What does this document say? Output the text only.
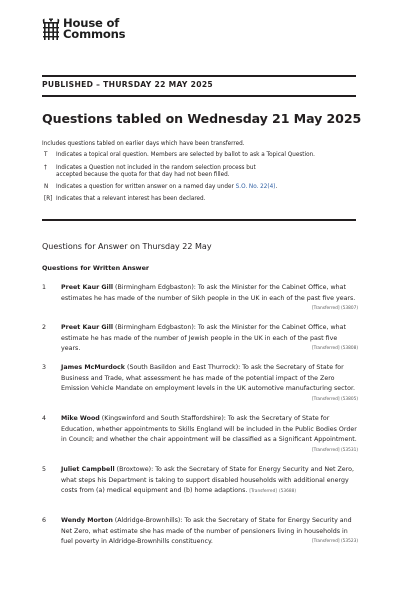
House of
Commons
PUBLISHED – THURSDAY 22 MAY 2025
Questions tabled on Wednesday 21 May 2025
Includes questions tabled on earlier days which have been transferred.
T	Indicates a topical oral question. Members are selected by ballot to ask a Topical Question.
†	Indicates a Question not included in the random selection process but accepted because the quota for that day had not been filled.
N	Indicates a question for written answer on a named day under S.O. No. 22(4).
[R] Indicates that a relevant interest has been declared.
Questions for Answer on Thursday 22 May
Questions for Written Answer
1	Preet Kaur Gill (Birmingham Edgbaston): To ask the Minister for the Cabinet Office, what estimates he has made of the number of Sikh people in the UK in each of the past five years.
[Transferred] (53807)
2	Preet Kaur Gill (Birmingham Edgbaston): To ask the Minister for the Cabinet Office, what estimate he has made of the number of Jewish people in the UK in each of the past five years.	[Transferred] (53808)
3	James McMurdock (South Basildon and East Thurrock): To ask the Secretary of State for Business and Trade, what assessment he has made of the potential impact of the Zero Emission Vehicle Mandate on employment levels in the UK automotive manufacturing sector.
[Transferred] (53805)
4	Mike Wood (Kingswinford and South Staffordshire): To ask the Secretary of State for Education, whether appointments to Skills England will be included in the Public Bodies Order in Council; and whether the chair appointment will be classified as a Significant Appointment.
[Transferred] (53531)
5	Juliet Campbell (Broxtowe): To ask the Secretary of State for Energy Security and Net Zero, what steps his Department is taking to support disabled households with additional energy costs from (a) medical equipment and (b) home adaptions. [Transferred] (53688)
6	Wendy Morton (Aldridge-Brownhills): To ask the Secretary of State for Energy Security and Net Zero, what estimate she has made of the number of pensioners living in households in fuel poverty in Aldridge-Brownhills constituency.	[Transferred] (53523)
